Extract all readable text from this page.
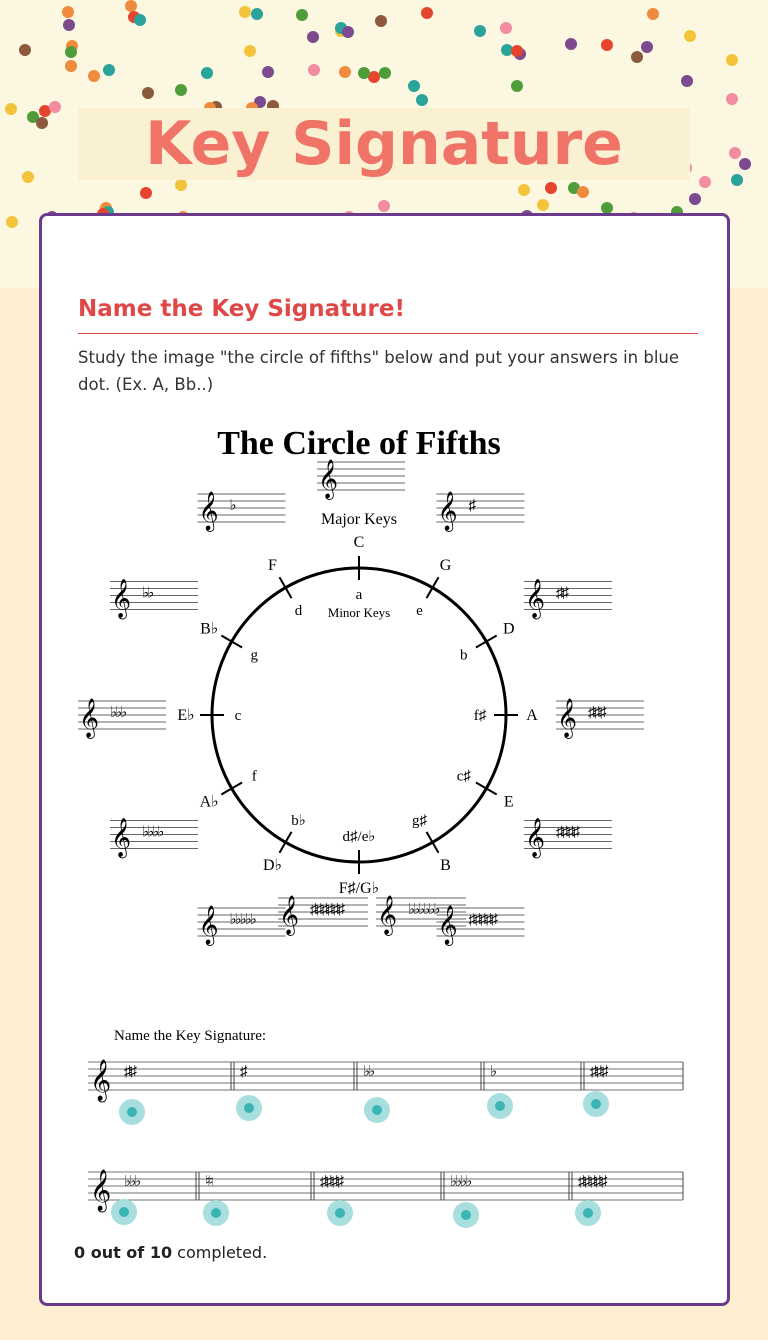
Key Signature
Name the Key Signature!
Study the image "the circle of fifths" below and put your answers in blue dot. (Ex. A, Bb..)
The Circle of Fifths
Major Keys
Minor Keys
C
a
𝄞
G
e
𝄞 ♯
D
b
𝄞 ♯♯
A
f♯ 𝄞 ♯♯♯
E
c♯
𝄞 ♯♯♯♯
B
g♯
𝄞 ♯♯♯♯♯
F♯/G♭
d♯/e♭
D♭
b♭
𝄞 ♭♭♭♭♭
A♭
f
𝄞 ♭♭♭♭
E♭	c
𝄞 ♭♭♭
B♭
g
𝄞 ♭♭
F
d
𝄞 ♭
𝄞 ♯♯♯♯♯♯ 𝄞 ♭♭♭♭♭♭
Name the Key Signature:
𝄞 ♯♯	♯	♭♭	♭	♯♯♯
𝄞 ♭♭♭	♮♮	♯♯♯♯	♭♭♭♭	♯♯♯♯♯
0 out of 10 completed.
